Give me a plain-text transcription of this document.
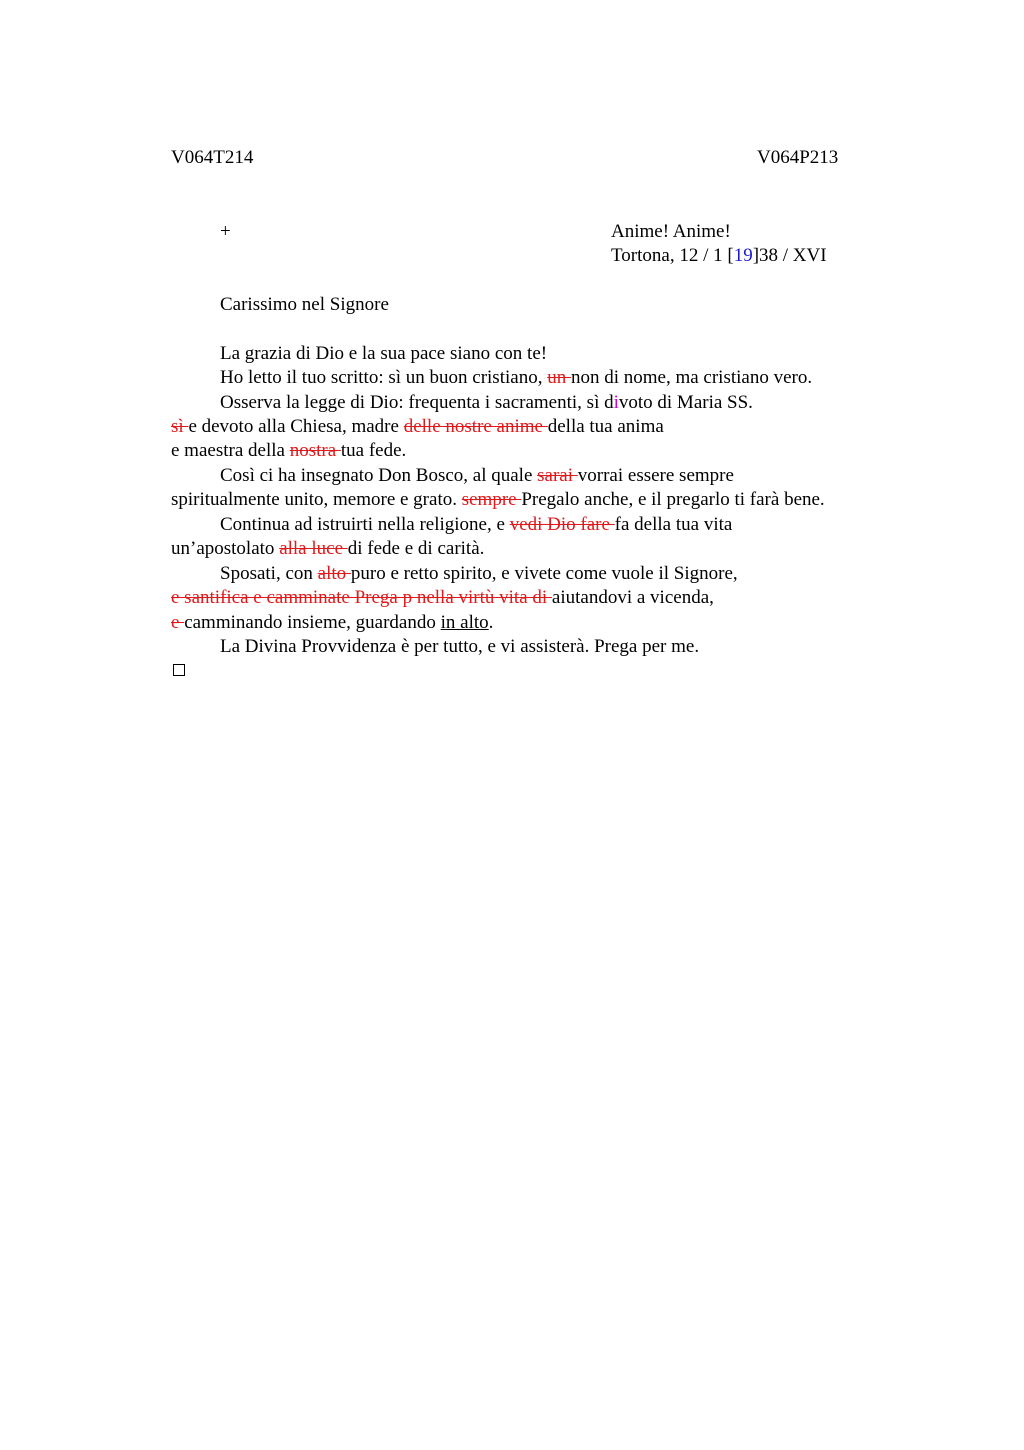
V064T214	V064P213
+	Anime! Anime!
Tortona, 12 / 1 [19]38 / XVI
Carissimo nel Signore
La grazia di Dio e la sua pace siano con te!
Ho letto il tuo scritto: sì un buon cristiano, un non di nome, ma cristiano vero.
Osserva la legge di Dio: frequenta i sacramenti, sì divoto di Maria SS.
sì e devoto alla Chiesa, madre delle nostre anime della tua anima
e maestra della nostra tua fede.
Così ci ha insegnato Don Bosco, al quale sarai vorrai essere sempre
spiritualmente unito, memore e grato. sempre Pregalo anche, e il pregarlo ti farà bene.
Continua ad istruirti nella religione, e vedi Dio fare fa della tua vita
un’apostolato alla luce di fede e di carità.
Sposati, con alto puro e retto spirito, e vivete come vuole il Signore,
e santifica e camminate Prega p nella virtù vita di aiutandovi a vicenda,
e camminando insieme, guardando in alto.
La Divina Provvidenza è per tutto, e vi assisterà. Prega per me.
